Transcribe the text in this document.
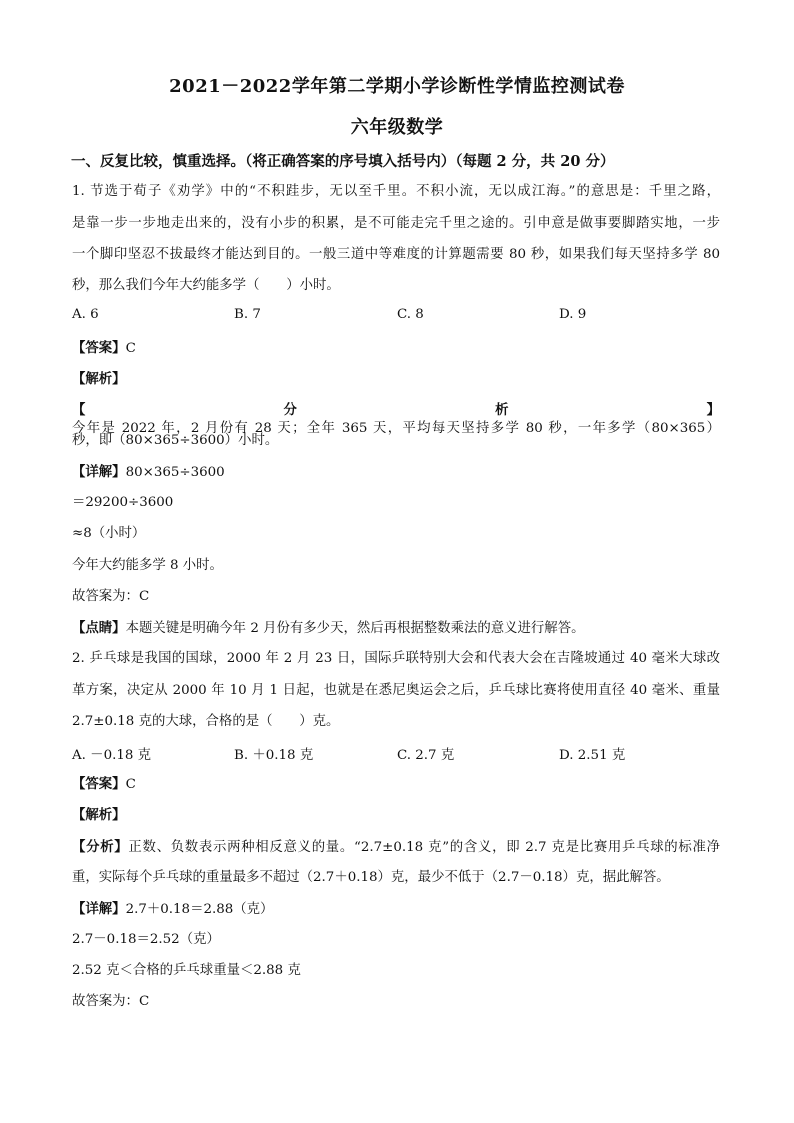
2021－2022学年第二学期小学诊断性学情监控测试卷
六年级数学
一、反复比较，慎重选择。（将正确答案的序号填入括号内）（每题 2 分，共 20 分）
1. 节选于荀子《劝学》中的“不积跬步，无以至千里。不积小流，无以成江海。”的意思是：千里之路，
是靠一步一步地走出来的，没有小步的积累，是不可能走完千里之途的。引申意是做事要脚踏实地，一步
一个脚印坚忍不拔最终才能达到目的。一般三道中等难度的计算题需要 80 秒，如果我们每天坚持多学 80
秒，那么我们今年大约能多学（　　）小时。
A. 6	B. 7	C. 8	D. 9
【答案】C
【解析】
【分析】今年是 2022 年，2 月份有 28 天；全年 365 天，平均每天坚持多学 80 秒，一年多学（80×365）
秒，即（80×365÷3600）小时。
【详解】80×365÷3600
＝29200÷3600
≈8（小时）
今年大约能多学 8 小时。
故答案为：C
【点睛】本题关键是明确今年 2 月份有多少天，然后再根据整数乘法的意义进行解答。
2. 乒乓球是我国的国球，2000 年 2 月 23 日，国际乒联特别大会和代表大会在吉隆坡通过 40 毫米大球改
革方案，决定从 2000 年 10 月 1 日起，也就是在悉尼奥运会之后，乒乓球比赛将使用直径 40 毫米、重量
2.7±0.18 克的大球，合格的是（　　）克。
A. －0.18 克	B. ＋0.18 克	C. 2.7 克	D. 2.51 克
【答案】C
【解析】
【分析】正数、负数表示两种相反意义的量。“2.7±0.18 克”的含义，即 2.7 克是比赛用乒乓球的标准净
重，实际每个乒乓球的重量最多不超过（2.7＋0.18）克，最少不低于（2.7－0.18）克，据此解答。
【详解】2.7＋0.18＝2.88（克）
2.7－0.18＝2.52（克）
2.52 克＜合格的乒乓球重量＜2.88 克
故答案为：C
